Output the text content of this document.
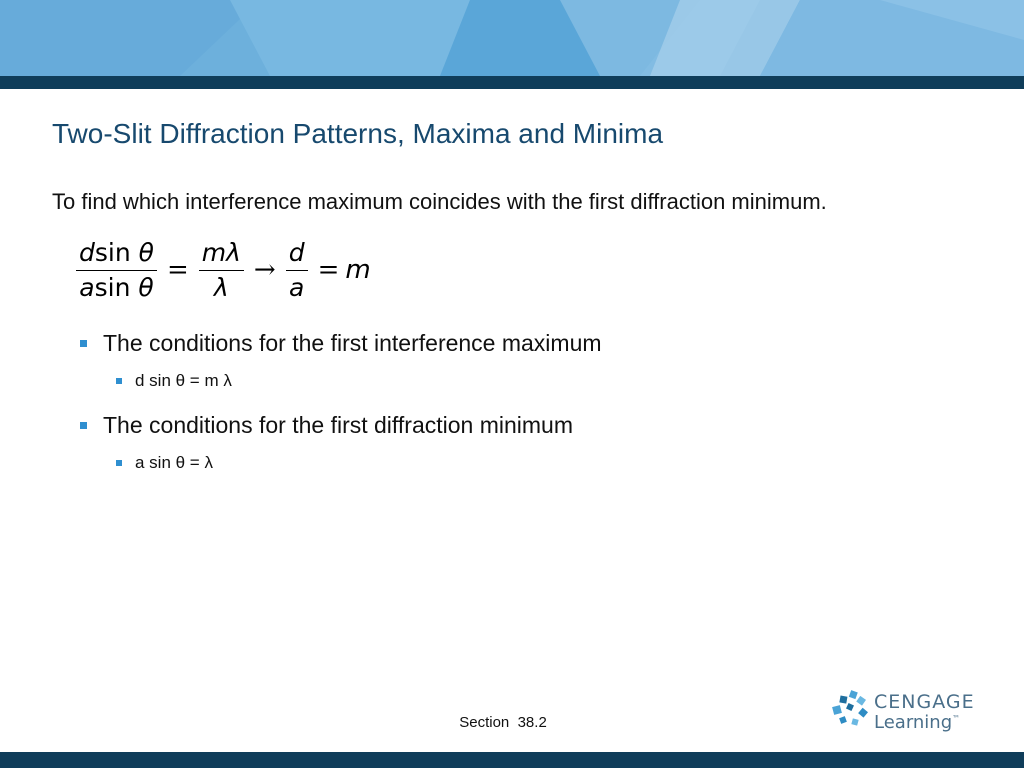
Two-Slit Diffraction Patterns, Maxima and Minima
To find which interference maximum coincides with the first diffraction minimum.
$\frac{\text{dsin θ}}{\text{asin θ}} = \frac{m\lambda}{\lambda} \to \frac{d}{a} = m$
The conditions for the first interference maximum
d sin θ = m λ
The conditions for the first diffraction minimum
a sin θ = λ
Section  38.2
CENGAGE
Learning™
